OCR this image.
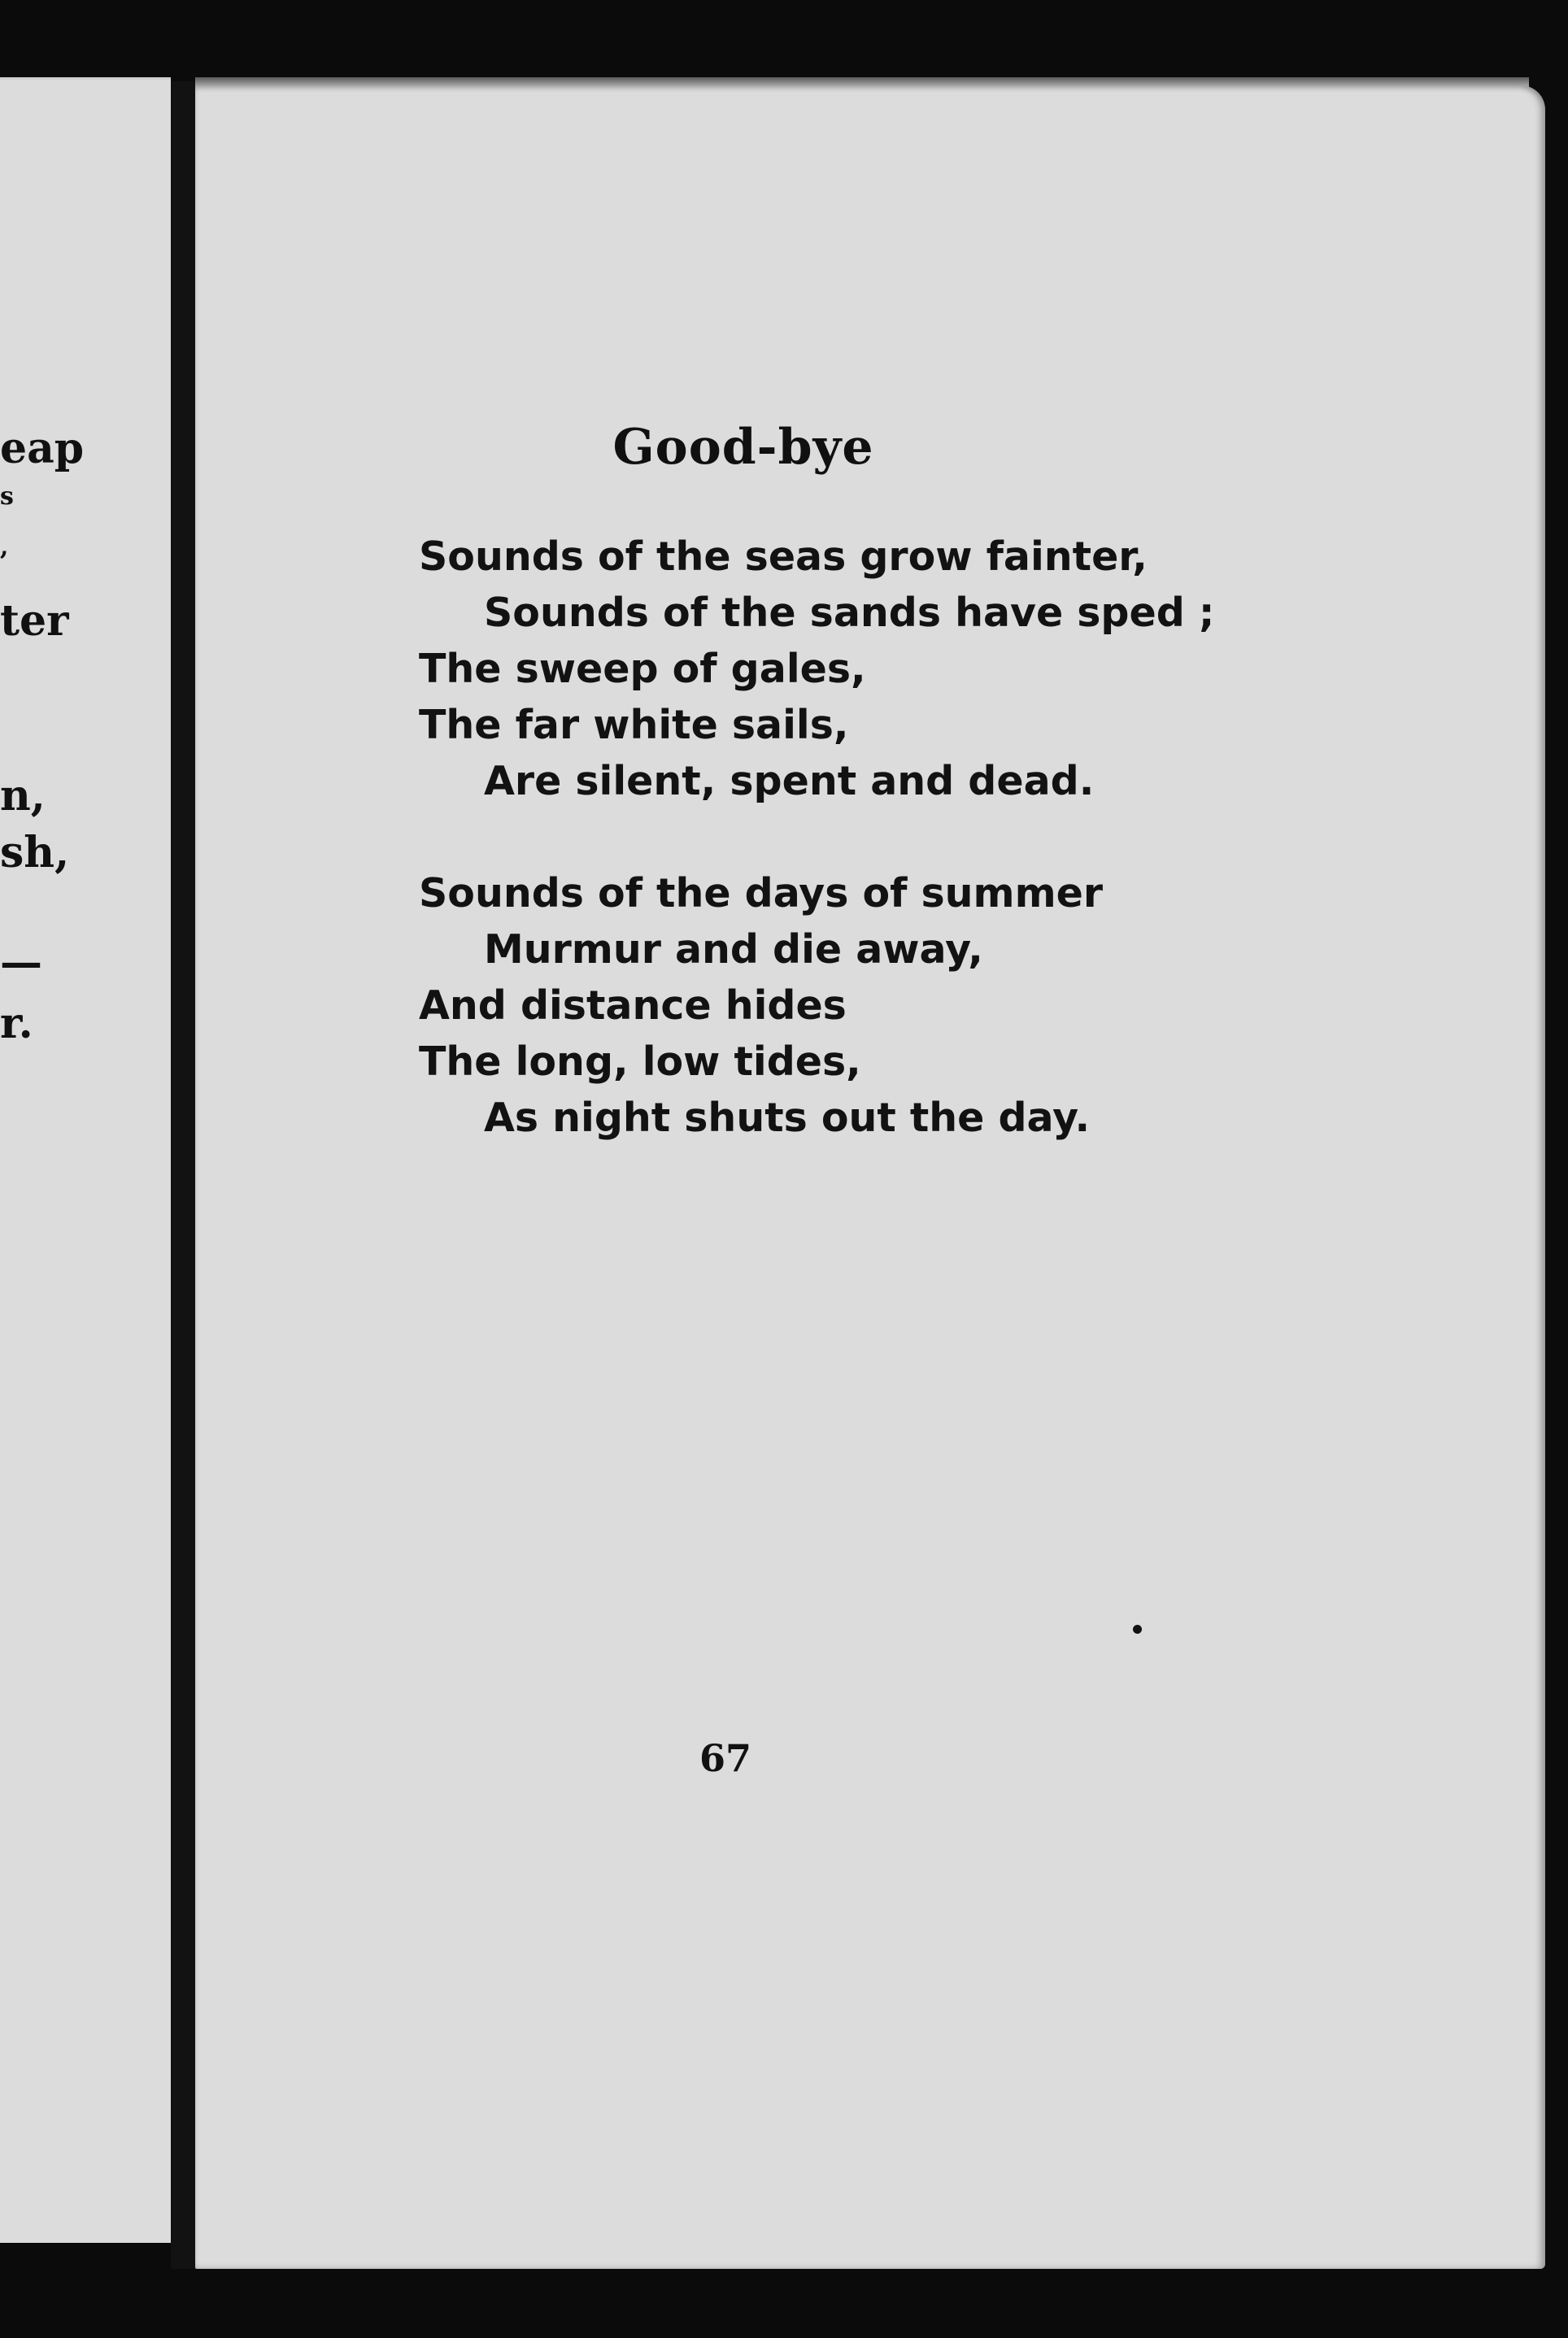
eap
s
,
ter
n,
sh,
—
r.
Good-bye
Sounds of the seas grow fainter,
Sounds of the sands have sped ;
The sweep of gales,
The far white sails,
Are silent, spent and dead.
Sounds of the days of summer
Murmur and die away,
And distance hides
The long, low tides,
As night shuts out the day.
67
